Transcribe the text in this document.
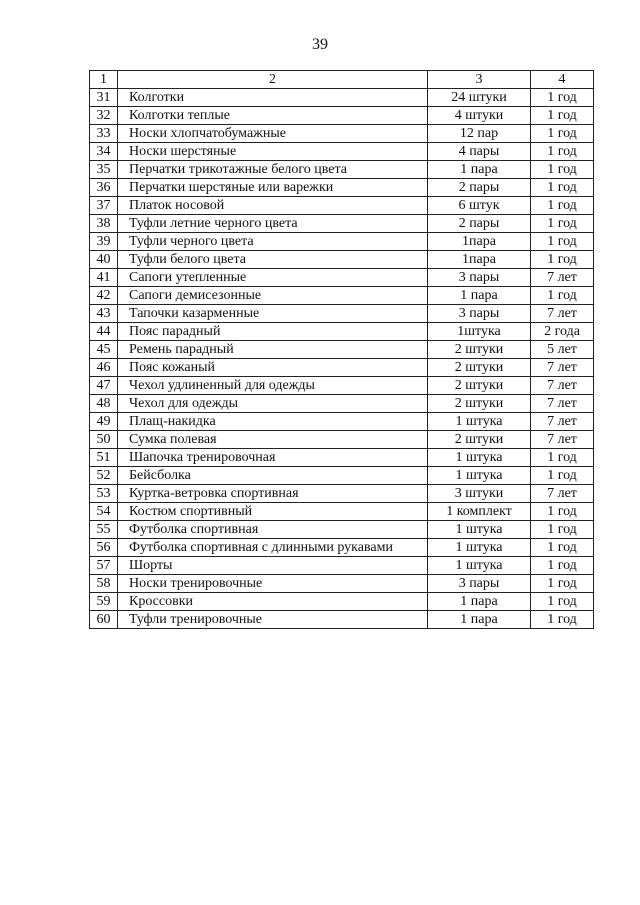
39
1	2	3	4
31	Колготки	24 штуки	1 год
32	Колготки теплые	4 штуки	1 год
33	Носки хлопчатобумажные	12 пар	1 год
34	Носки шерстяные	4 пары	1 год
35	Перчатки трикотажные белого цвета	1 пара	1 год
36	Перчатки шерстяные или варежки	2 пары	1 год
37	Платок носовой	6 штук	1 год
38	Туфли летние черного цвета	2 пары	1 год
39	Туфли черного цвета	1пара	1 год
40	Туфли белого цвета	1пара	1 год
41	Сапоги утепленные	3 пары	7 лет
42	Сапоги демисезонные	1 пара	1 год
43	Тапочки казарменные	3 пары	7 лет
44	Пояс парадный	1штука	2 года
45	Ремень парадный	2 штуки	5 лет
46	Пояс кожаный	2 штуки	7 лет
47	Чехол удлиненный для одежды	2 штуки	7 лет
48	Чехол для одежды	2 штуки	7 лет
49	Плащ-накидка	1 штука	7 лет
50	Сумка полевая	2 штуки	7 лет
51	Шапочка тренировочная	1 штука	1 год
52	Бейсболка	1 штука	1 год
53	Куртка-ветровка спортивная	3 штуки	7 лет
54	Костюм спортивный	1 комплект	1 год
55	Футболка спортивная	1 штука	1 год
56	Футболка спортивная с длинными рукавами	1 штука	1 год
57	Шорты	1 штука	1 год
58	Носки тренировочные	3 пары	1 год
59	Кроссовки	1 пара	1 год
60	Туфли тренировочные	1 пара	1 год
